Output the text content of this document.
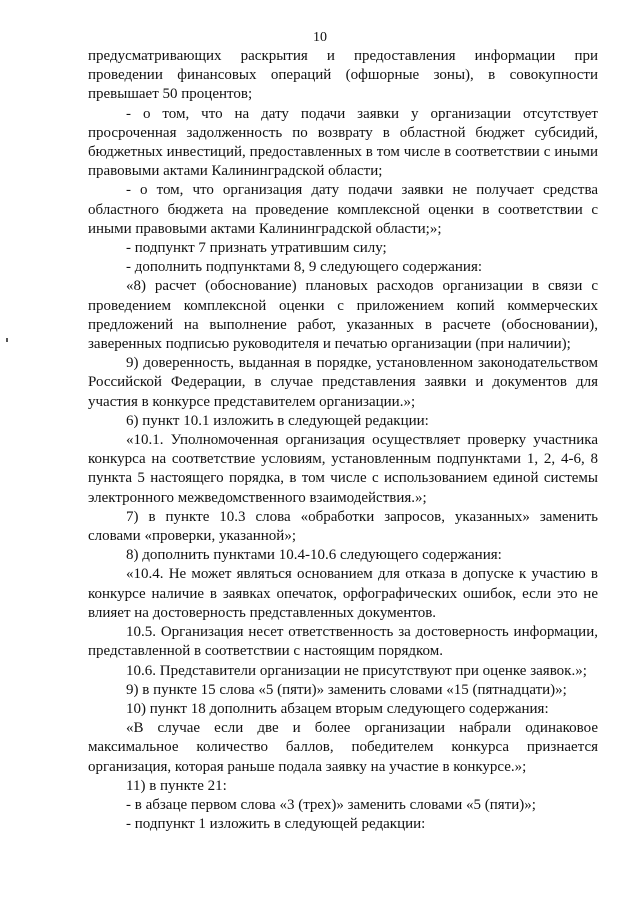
10

предусматривающих раскрытия и предоставления информации при проведении финансовых операций (офшорные зоны), в совокупности превышает 50 процентов;

- о том, что на дату подачи заявки у организации отсутствует просроченная задолженность по возврату в областной бюджет субсидий, бюджетных инвестиций, предоставленных в том числе в соответствии с иными правовыми актами Калининградской области;

- о том, что организация дату подачи заявки не получает средства областного бюджета на проведение комплексной оценки в соответствии с иными правовыми актами Калининградской области;»;

- подпункт 7 признать утратившим силу;

- дополнить подпунктами 8, 9 следующего содержания:

«8) расчет (обоснование) плановых расходов организации в связи с проведением комплексной оценки с приложением копий коммерческих предложений на выполнение работ, указанных в расчете (обосновании), заверенных подписью руководителя и печатью организации (при наличии);

9) доверенность, выданная в порядке, установленном законодательством Российской Федерации, в случае представления заявки и документов для участия в конкурсе представителем организации.»;

6) пункт 10.1 изложить в следующей редакции:

«10.1. Уполномоченная организация осуществляет проверку участника конкурса на соответствие условиям, установленным подпунктами 1, 2, 4-6, 8 пункта 5 настоящего порядка, в том числе с использованием единой системы электронного межведомственного взаимодействия.»;

7) в пункте 10.3 слова «обработки запросов, указанных» заменить словами «проверки, указанной»;

8) дополнить пунктами 10.4-10.6 следующего содержания:

«10.4. Не может являться основанием для отказа в допуске к участию в конкурсе наличие в заявках опечаток, орфографических ошибок, если это не влияет на достоверность представленных документов.

10.5. Организация несет ответственность за достоверность информации, представленной в соответствии с настоящим порядком.

10.6. Представители организации не присутствуют при оценке заявок.»;

9) в пункте 15 слова «5 (пяти)» заменить словами «15 (пятнадцати)»;

10) пункт 18 дополнить абзацем вторым следующего содержания:

«В случае если две и более организации набрали одинаковое максимальное количество баллов, победителем конкурса признается организация, которая раньше подала заявку на участие в конкурсе.»;

11) в пункте 21:

- в абзаце первом слова «3 (трех)» заменить словами «5 (пяти)»;

- подпункт 1 изложить в следующей редакции:
